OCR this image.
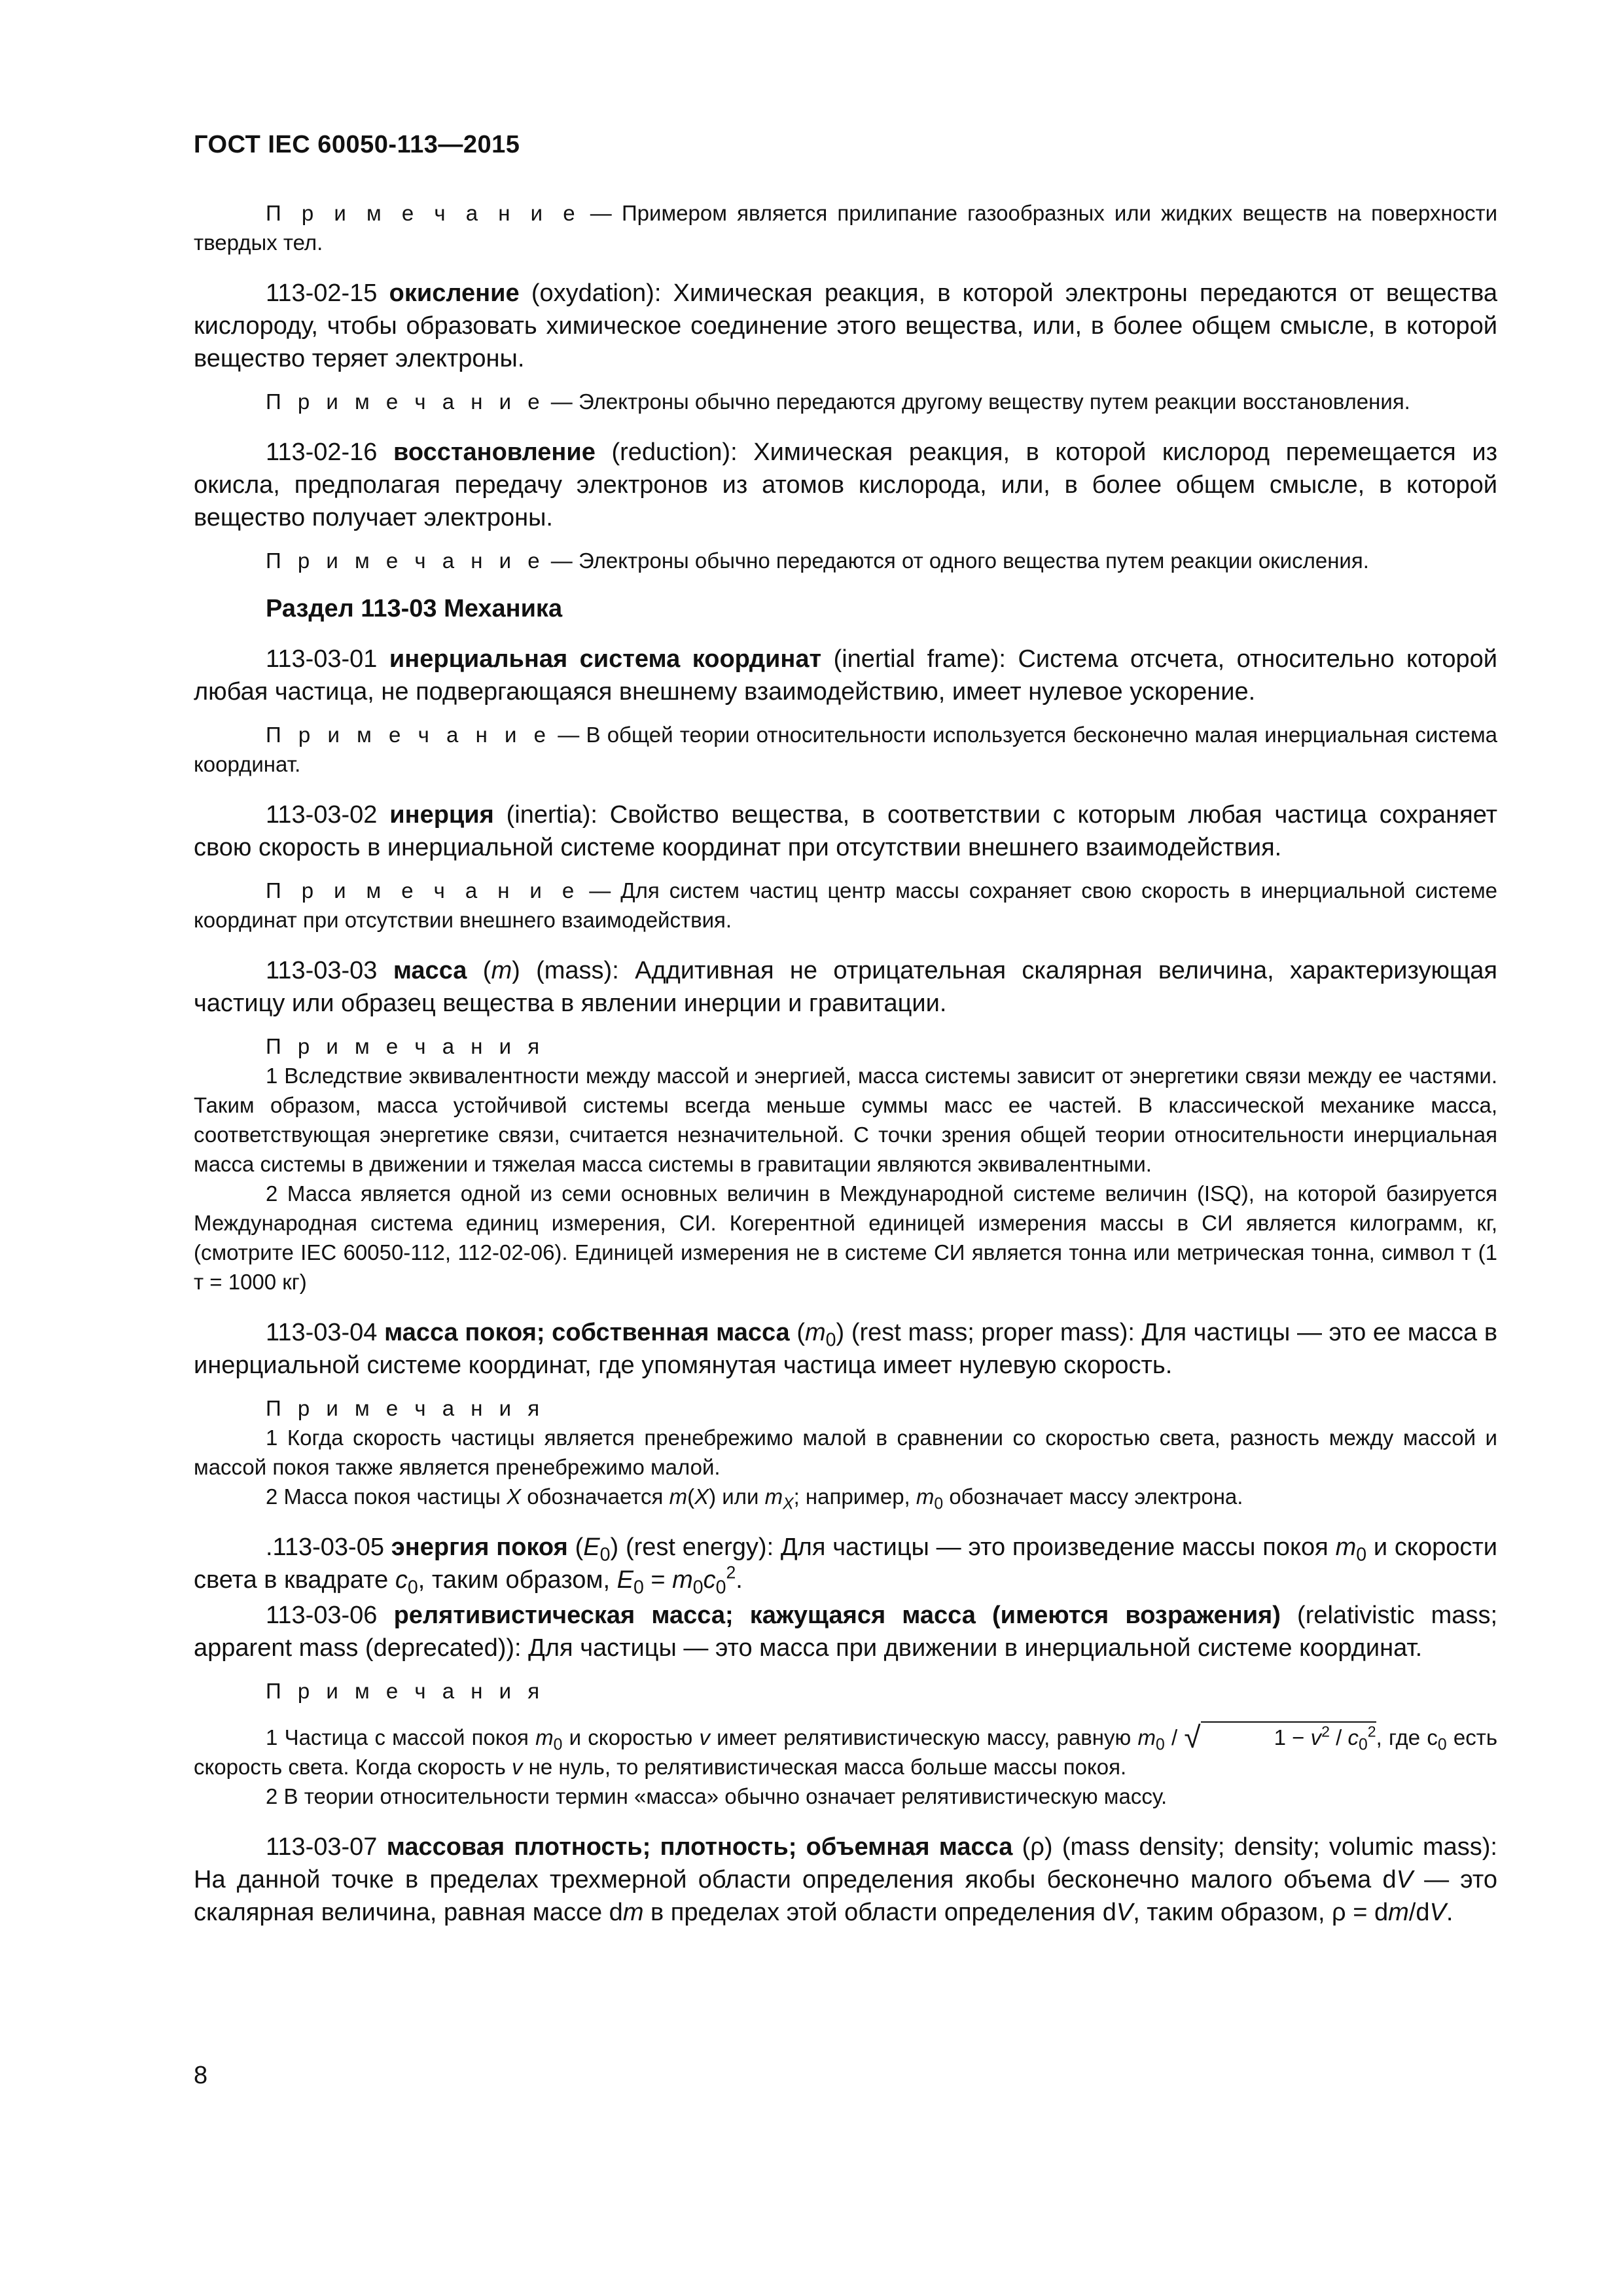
ГОСТ IEC 60050-113—2015

П р и м е ч а н и е — Примером является прилипание газообразных или жидких веществ на поверхности твердых тел.

113-02-15 окисление (oxydation): Химическая реакция, в которой электроны передаются от вещества кислороду, чтобы образовать химическое соединение этого вещества, или, в более общем смысле, в которой вещество теряет электроны.

П р и м е ч а н и е — Электроны обычно передаются другому веществу путем реакции восстановления.

113-02-16 восстановление (reduction): Химическая реакция, в которой кислород перемещается из окисла, предполагая передачу электронов из атомов кислорода, или, в более общем смысле, в которой вещество получает электроны.

П р и м е ч а н и е — Электроны обычно передаются от одного вещества путем реакции окисления.

Раздел 113-03 Механика

113-03-01 инерциальная система координат (inertial frame): Система отсчета, относительно которой любая частица, не подвергающаяся внешнему взаимодействию, имеет нулевое ускорение.

П р и м е ч а н и е — В общей теории относительности используется бесконечно малая инерциальная система координат.

113-03-02 инерция (inertia): Свойство вещества, в соответствии с которым любая частица сохраняет свою скорость в инерциальной системе координат при отсутствии внешнего взаимодействия.

П р и м е ч а н и е — Для систем частиц центр массы сохраняет свою скорость в инерциальной системе координат при отсутствии внешнего взаимодействия.

113-03-03 масса (m) (mass): Аддитивная не отрицательная скалярная величина, характеризующая частицу или образец вещества в явлении инерции и гравитации.

П р и м е ч а н и я

1 Вследствие эквивалентности между массой и энергией, масса системы зависит от энергетики связи между ее частями. Таким образом, масса устойчивой системы всегда меньше суммы масс ее частей. В классической механике масса, соответствующая энергетике связи, считается незначительной. С точки зрения общей теории относительности инерциальная масса системы в движении и тяжелая масса системы в гравитации являются эквивалентными.

2 Масса является одной из семи основных величин в Международной системе величин (ISQ), на которой базируется Международная система единиц измерения, СИ. Когерентной единицей измерения массы в СИ является килограмм, кг, (смотрите IEC 60050-112, 112-02-06). Единицей измерения не в системе СИ является тонна или метрическая тонна, символ т (1 т = 1000 кг)

113-03-04 масса покоя; собственная масса $(m_0)$ (rest mass; proper mass): Для частицы — это ее масса в инерциальной системе координат, где упомянутая частица имеет нулевую скорость.

П р и м е ч а н и я

1 Когда скорость частицы является пренебрежимо малой в сравнении со скоростью света, разность между массой и массой покоя также является пренебрежимо малой.

2 Масса покоя частицы X обозначается m(X) или $m_X$; например, $m_0$ обозначает массу электрона.

.113-03-05 энергия покоя $(E_0)$ (rest energy): Для частицы — это произведение массы покоя $m_0$ и скорости света в квадрате $c_0$, таким образом, $E_0 = m_0c_0^2$.

113-03-06 релятивистическая масса; кажущаяся масса (имеются возражения) (relativistic mass; apparent mass (deprecated)): Для частицы — это масса при движении в инерциальной системе координат.

П р и м е ч а н и я

1 Частица с массой покоя $m_0$ и скоростью v имеет релятивистическую массу, равную $m_0$ / √	$1 - v^2 / c_0^2$, где $c_0$ есть скорость света. Когда скорость v не нуль, то релятивистическая масса больше массы покоя.

2 В теории относительности термин «масса» обычно означает релятивистическую массу.

113-03-07 массовая плотность; плотность; объемная масса (ρ) (mass density; density; volumic mass): На данной точке в пределах трехмерной области определения якобы бесконечно малого объема dV — это скалярная величина, равная массе dm в пределах этой области определения dV, таким образом, ρ = dm/dV.

8
